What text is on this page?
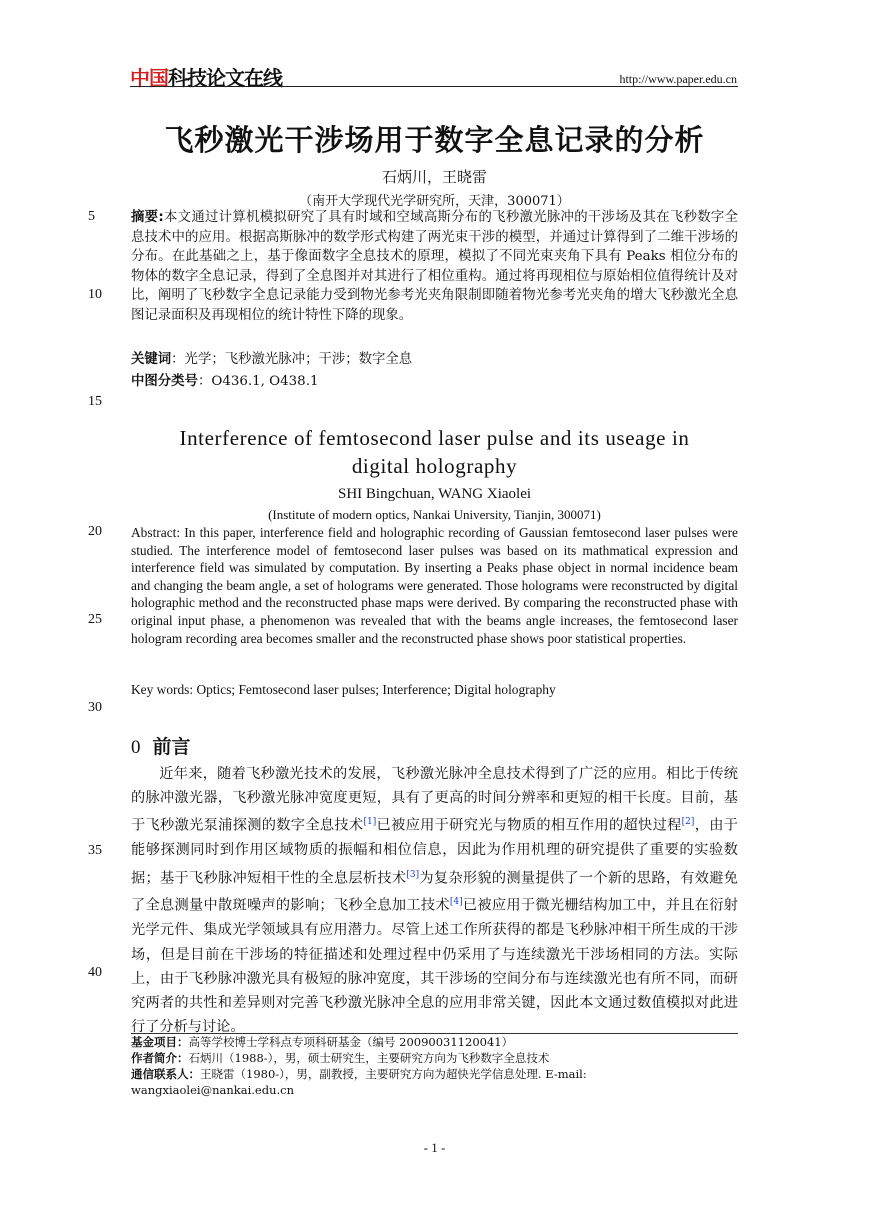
中国科技论文在线	http://www.paper.edu.cn
飞秒激光干涉场用于数字全息记录的分析
石炳川，王晓雷
（南开大学现代光学研究所，天津，300071）
5
10
15
20
25
30
35
40
摘要:本文通过计算机模拟研究了具有时域和空域高斯分布的飞秒激光脉冲的干涉场及其在飞秒数字全息技术中的应用。根据高斯脉冲的数学形式构建了两光束干涉的模型，并通过计算得到了二维干涉场的分布。在此基础之上，基于像面数字全息技术的原理，模拟了不同光束夹角下具有 Peaks 相位分布的物体的数字全息记录，得到了全息图并对其进行了相位重构。通过将再现相位与原始相位值得统计及对比，阐明了飞秒数字全息记录能力受到物光参考光夹角限制即随着物光参考光夹角的增大飞秒激光全息图记录面积及再现相位的统计特性下降的现象。
关键词：光学；飞秒激光脉冲；干涉；数字全息
中图分类号：O436.1, O438.1
Interference of femtosecond laser pulse and its useage in
digital holography
SHI Bingchuan, WANG Xiaolei
(Institute of modern optics, Nankai University, Tianjin, 300071)
Abstract: In this paper, interference field and holographic recording of Gaussian femtosecond laser pulses were studied. The interference model of femtosecond laser pulses was based on its mathmatical expression and interference field was simulated by computation. By inserting a Peaks phase object in normal incidence beam and changing the beam angle, a set of holograms were generated. Those holograms were reconstructed by digital holographic method and the reconstructed phase maps were derived. By comparing the reconstructed phase with original input phase, a phenomenon was revealed that with the beams angle increases, the femtosecond laser hologram recording area becomes smaller and the reconstructed phase shows poor statistical properties.
Key words: Optics; Femtosecond laser pulses; Interference; Digital holography
0 前言
近年来，随着飞秒激光技术的发展，飞秒激光脉冲全息技术得到了广泛的应用。相比于传统的脉冲激光器，飞秒激光脉冲宽度更短，具有了更高的时间分辨率和更短的相干长度。目前，基于飞秒激光泵浦探测的数字全息技术[1]已被应用于研究光与物质的相互作用的超快过程[2]，由于能够探测同时到作用区域物质的振幅和相位信息，因此为作用机理的研究提供了重要的实验数据；基于飞秒脉冲短相干性的全息层析技术[3]为复杂形貌的测量提供了一个新的思路，有效避免了全息测量中散斑噪声的影响；飞秒全息加工技术[4]已被应用于微光栅结构加工中，并且在衍射光学元件、集成光学领域具有应用潜力。尽管上述工作所获得的都是飞秒脉冲相干所生成的干涉场，但是目前在干涉场的特征描述和处理过程中仍采用了与连续激光干涉场相同的方法。实际上，由于飞秒脉冲激光具有极短的脉冲宽度，其干涉场的空间分布与连续激光也有所不同，而研究两者的共性和差异则对完善飞秒激光脉冲全息的应用非常关键，因此本文通过数值模拟对此进行了分析与讨论。
基金项目：高等学校博士学科点专项科研基金（编号 20090031120041）
作者简介：石炳川（1988-），男，硕士研究生，主要研究方向为飞秒数字全息技术
通信联系人：王晓雷（1980-），男，副教授，主要研究方向为超快光学信息处理. E-mail: wangxiaolei@nankai.edu.cn
- 1 -
